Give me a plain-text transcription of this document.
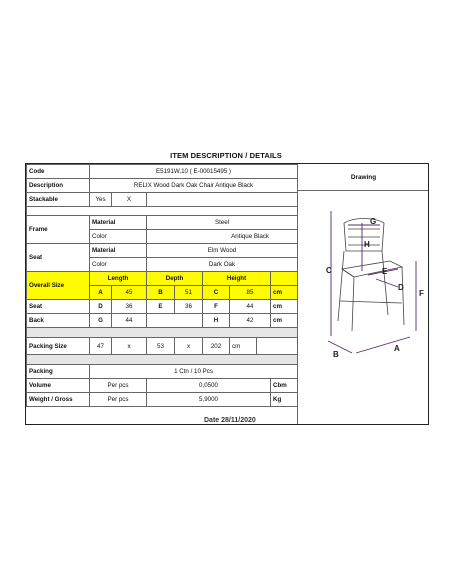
ITEM DESCRIPTION / DETAILS
Code	E5191W,10 ( E-00015495 )							
Description	RELIX Wood Dark Oak Chair Antique Black							
Stackable	Yes	X						

Frame	Material		Steel					
	Color		Antique Black					
Seat	Material		Elm Wood					
	Color		Dark Oak					
Overall Size	Length		Depth		Height			
	A	45	B	51	C	85		cm
Seat	D	36	E	36	F	44		cm
Back	G	44			H	42		cm

Packing Size	47	x	53	x	202	cm		

Packing	1 Ctn / 10 Pcs							
Volume	Per pcs		0,0500					Cbm
Weight / Gross	Per pcs		5,9000					Kg
Drawing
C
F
G
H
E
D
B
A
Date 28/11/2020
